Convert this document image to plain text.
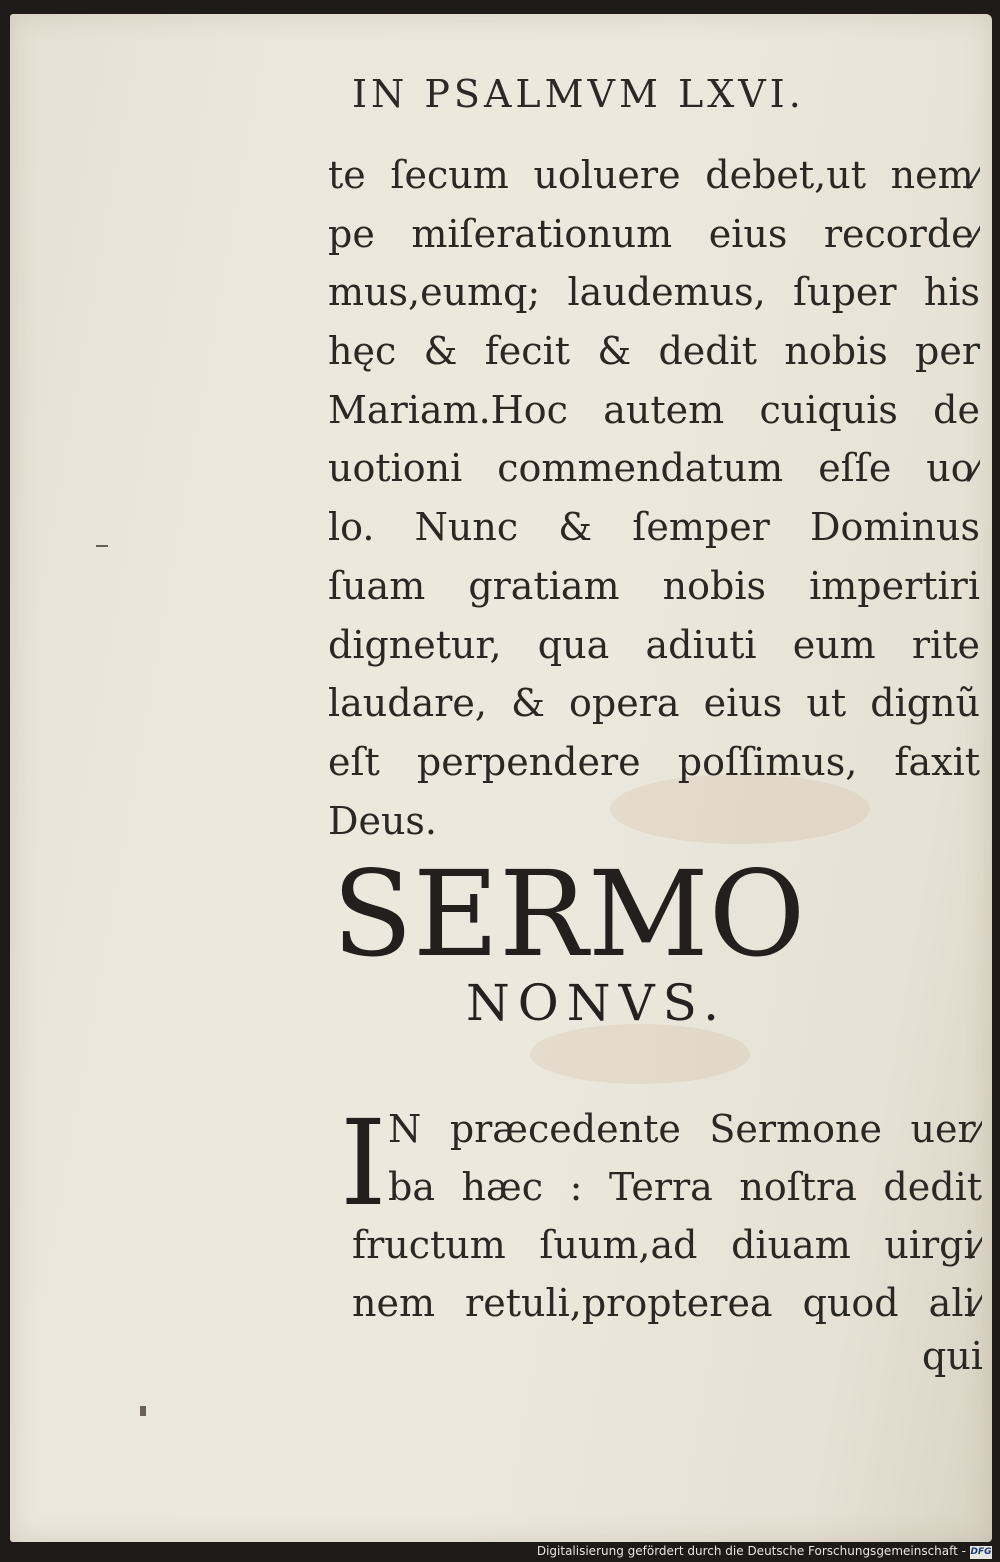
IN PSALMVM LXVI.
te ſecum uoluere debet,ut nem⁄
pe miſerationum eius recorde⁄
mus,eumq; laudemus, ſuper his
hęc & fecit & dedit nobis per
Mariam.Hoc autem cuiquis de
uotioni commendatum eſſe uo⁄
lo. Nunc & ſemper Dominus
ſuam gratiam nobis impertiri
dignetur, qua adiuti eum rite
laudare, & opera eius ut dignũ
eſt perpendere poſſimus, faxit
Deus.
SERMO
NONVS.
I N præcedente Sermone uer⁄
ba hæc : Terra noſtra dedit
fructum ſuum,ad diuam uirgi⁄
nem retuli,propterea quod ali⁄
qui
Digitalisierung gefördert durch die Deutsche Forschungsgemeinschaft - DFG
